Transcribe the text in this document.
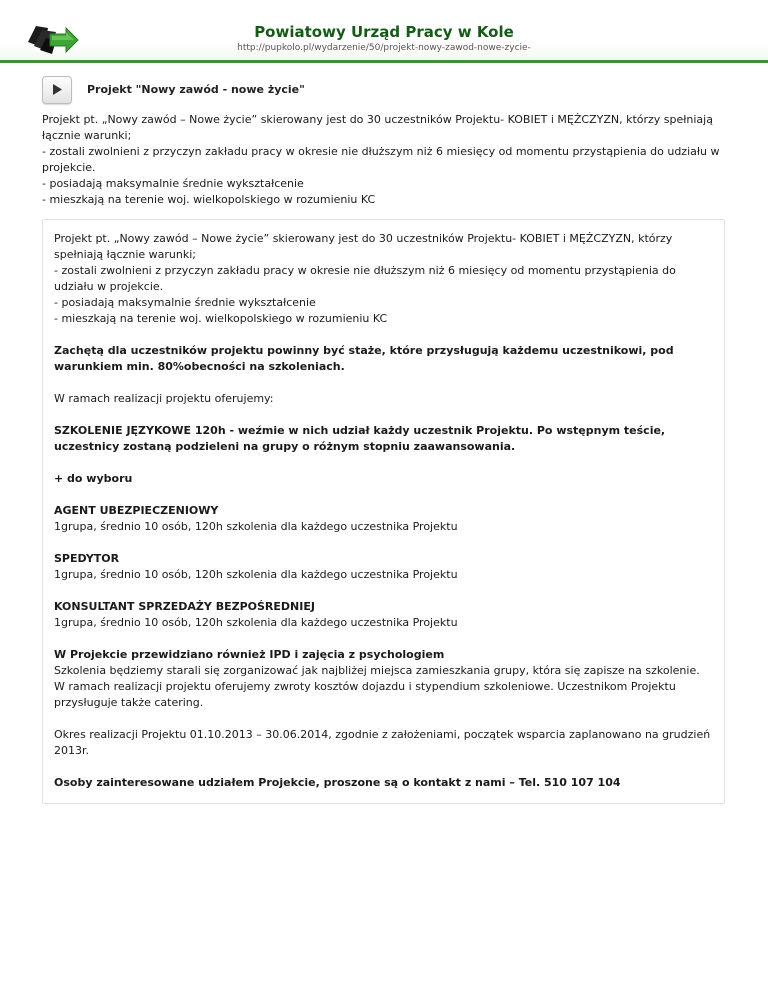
Powiatowy Urząd Pracy w Kole
http://pupkolo.pl/wydarzenie/50/projekt-nowy-zawod-nowe-zycie-
Projekt "Nowy zawód - nowe życie"

Projekt pt. „Nowy zawód – Nowe życie” skierowany jest do 30 uczestników Projektu- KOBIET i MĘŻCZYZN, którzy spełniają łącznie warunki;

- zostali zwolnieni z przyczyn zakładu pracy w okresie nie dłuższym niż 6 miesięcy od momentu przystąpienia do udziału w projekcie.

- posiadają maksymalnie średnie wykształcenie

- mieszkają na terenie woj. wielkopolskiego w rozumieniu KC

Projekt pt. „Nowy zawód – Nowe życie” skierowany jest do 30 uczestników Projektu- KOBIET i MĘŻCZYZN, którzy spełniają łącznie warunki;
- zostali zwolnieni z przyczyn zakładu pracy w okresie nie dłuższym niż 6 miesięcy od momentu przystąpienia do udziału w projekcie.
- posiadają maksymalnie średnie wykształcenie
- mieszkają na terenie woj. wielkopolskiego w rozumieniu KC

Zachętą dla uczestników projektu powinny być staże, które przysługują każdemu uczestnikowi, pod warunkiem min. 80%obecności na szkoleniach.

W ramach realizacji projektu oferujemy:

SZKOLENIE JĘZYKOWE 120h - weźmie w nich udział każdy uczestnik Projektu. Po wstępnym teście, uczestnicy zostaną podzieleni na grupy o różnym stopniu zaawansowania.

+ do wyboru

AGENT UBEZPIECZENIOWY
1grupa, średnio 10 osób, 120h szkolenia dla każdego uczestnika Projektu

SPEDYTOR
1grupa, średnio 10 osób, 120h szkolenia dla każdego uczestnika Projektu

KONSULTANT SPRZEDAŻY BEZPOŚREDNIEJ
1grupa, średnio 10 osób, 120h szkolenia dla każdego uczestnika Projektu

W Projekcie przewidziano również IPD i zajęcia z psychologiem
Szkolenia będziemy starali się zorganizować jak najbliżej miejsca zamieszkania grupy, która się zapisze na szkolenie. W ramach realizacji projektu oferujemy zwroty kosztów dojazdu i stypendium szkoleniowe. Uczestnikom Projektu przysługuje także catering.

Okres realizacji Projektu 01.10.2013 – 30.06.2014, zgodnie z założeniami, początek wsparcia zaplanowano na grudzień 2013r.

Osoby zainteresowane udziałem Projekcie, proszone są o kontakt z nami – Tel. 510 107 104
